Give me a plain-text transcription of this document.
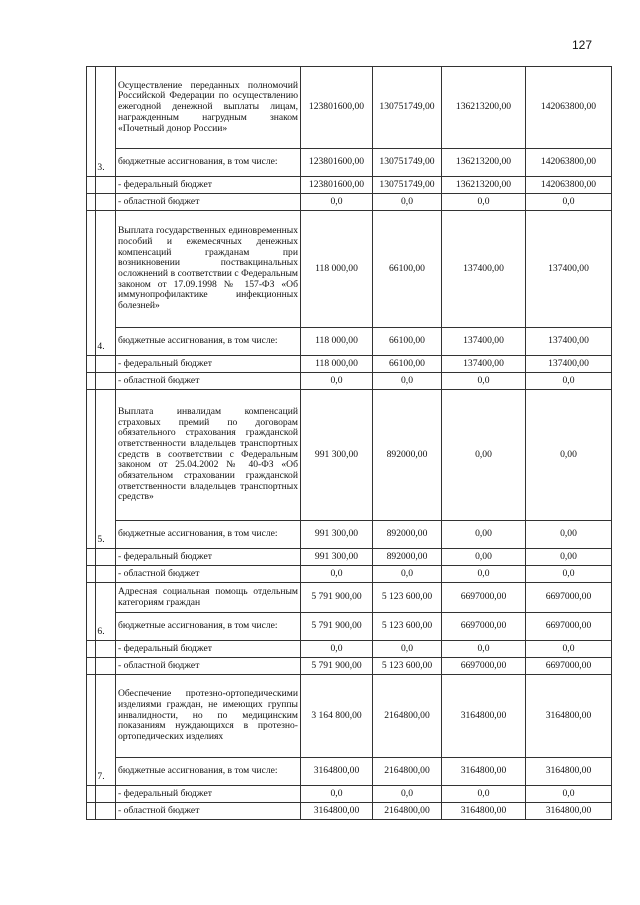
127
3.	Осуществление переданных полномочий Российской Федерации по осуществлению ежегодной денежной выплаты лицам, награжденным нагрудным знаком «Почетный донор России»	123801600,00	130751749,00	136213200,00	142063800,00
	бюджетные ассигнования, в том числе:	123801600,00	130751749,00	136213200,00	142063800,00
	- федеральный бюджет	123801600,00	130751749,00	136213200,00	142063800,00
	- областной бюджет	0,0	0,0	0,0	0,0
4.	Выплата государственных единовременных пособий и ежемесячных денежных компенсаций гражданам при возникновении поствакцинальных осложнений в соответствии с Федеральным законом от 17.09.1998 № 157-ФЗ «Об иммунопрофилактике инфекционных болезней»	118 000,00	66100,00	137400,00	137400,00
	бюджетные ассигнования, в том числе:	118 000,00	66100,00	137400,00	137400,00
	- федеральный бюджет	118 000,00	66100,00	137400,00	137400,00
	- областной бюджет	0,0	0,0	0,0	0,0
5.	Выплата инвалидам компенсаций страховых премий по договорам обязательного страхования гражданской ответственности владельцев транспортных средств в соответствии с Федеральным законом от 25.04.2002 № 40-ФЗ «Об обязательном страховании гражданской ответственности владельцев транспортных средств»	991 300,00	892000,00	0,00	0,00
	бюджетные ассигнования, в том числе:	991 300,00	892000,00	0,00	0,00
	- федеральный бюджет	991 300,00	892000,00	0,00	0,00
	- областной бюджет	0,0	0,0	0,0	0,0
6.	Адресная социальная помощь отдельным категориям граждан	5 791 900,00	5 123 600,00	6697000,00	6697000,00
	бюджетные ассигнования, в том числе:	5 791 900,00	5 123 600,00	6697000,00	6697000,00
	- федеральный бюджет	0,0	0,0	0,0	0,0
	- областной бюджет	5 791 900,00	5 123 600,00	6697000,00	6697000,00
7.	Обеспечение протезно-ортопедическими изделиями граждан, не имеющих группы инвалидности, но по медицинским показаниям нуждающихся в протезно-ортопедических изделиях	3 164 800,00	2164800,00	3164800,00	3164800,00
	бюджетные ассигнования, в том числе:	3164800,00	2164800,00	3164800,00	3164800,00
	- федеральный бюджет	0,0	0,0	0,0	0,0
	- областной бюджет	3164800,00	2164800,00	3164800,00	3164800,00
